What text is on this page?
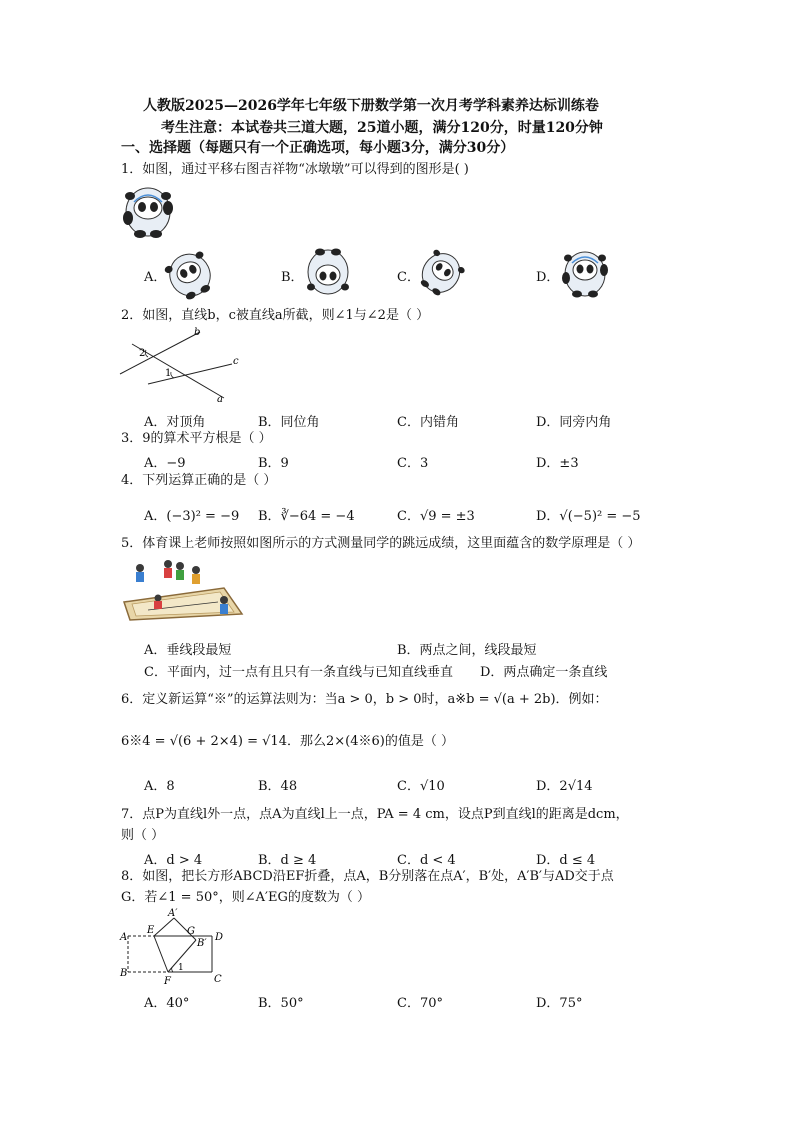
人教版2025—2026学年七年级下册数学第一次月考学科素养达标训练卷
考生注意：本试卷共三道大题，25道小题，满分120分，时量120分钟
一、选择题（每题只有一个正确选项，每小题3分，满分30分）
1．如图，通过平移右图吉祥物“冰墩墩”可以得到的图形是( )
A．	B．	C．	D．
2．如图，直线b，c被直线a所截，则∠1与∠2是（ ）
b
c
a
2
1
A．对顶角	B．同位角	C．内错角	D．同旁内角
3．9的算术平方根是（ ）
A．−9	B．9	C．3	D．±3
4．下列运算正确的是（ ）
A．(−3)² = −9 B．∛−64 = −4	C．√9 = ±3	D．√(−5)² = −5
5．体育课上老师按照如图所示的方式测量同学的跳远成绩，这里面蕴含的数学原理是（ ）
A．垂线段最短	B．两点之间，线段最短
C．平面内，过一点有且只有一条直线与已知直线垂直 D．两点确定一条直线
6．定义新运算“※”的运算法则为：当a > 0，b > 0时，a※b = √(a + 2b)．例如：
6※4 = √(6 + 2×4) = √14．那么2×(4※6)的值是（ ）
A．8	B．48	C．√10	D．2√14
7．点P为直线l外一点，点A为直线l上一点，PA = 4 cm，设点P到直线l的距离是dcm，
则（ ）
A．d > 4	B．d ≥ 4	C．d < 4	D．d ≤ 4
8．如图，把长方形ABCD沿EF折叠，点A，B分别落在点A′，B′处，A′B′与AD交于点
G．若∠1 = 50°，则∠A′EG的度数为（ ）
A
B
C
D
E
F
G
A′
B′
1
A．40°	B．50°	C．70°	D．75°
